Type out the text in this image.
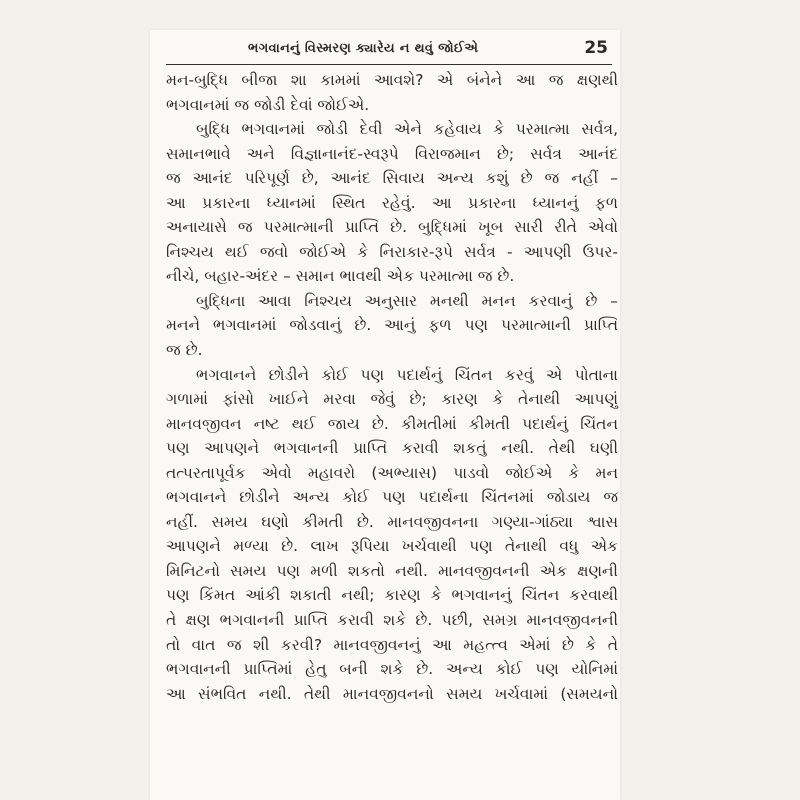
ભગવાનનું વિસ્મરણ ક્યારેય ન થવું જોઈએ	25
મન-બુદ્ધિ બીજા શા કામમાં આવશે? એ બંનેને આ જ ક્ષણથી
ભગવાનમાં જ જોડી દેવાં જોઈએ.
બુદ્ધિ ભગવાનમાં જોડી દેવી એને કહેવાય કે પરમાત્મા સર્વત્ર,
સમાનભાવે અને વિજ્ઞાનાનંદ-સ્વરૂપે વિરાજમાન છે; સર્વત્ર આનંદ
જ આનંદ પરિપૂર્ણ છે, આનંદ સિવાય અન્ય કશું છે જ નહીં –
આ પ્રકારના ધ્યાનમાં સ્થિત રહેવું. આ પ્રકારના ધ્યાનનું ફળ
અનાયાસે જ પરમાત્માની પ્રાપ્તિ છે. બુદ્ધિમાં ખૂબ સારી રીતે એવો
નિશ્ચય થઈ જવો જોઈએ કે નિરાકાર-રૂપે સર્વત્ર - આપણી ઉપર-
નીચે, બહાર-અંદર – સમાન ભાવથી એક પરમાત્મા જ છે.
બુદ્ધિના આવા નિશ્ચય અનુસાર મનથી મનન કરવાનું છે –
મનને ભગવાનમાં જોડવાનું છે. આનું ફળ પણ પરમાત્માની પ્રાપ્તિ
જ છે.
ભગવાનને છોડીને કોઈ પણ પદાર્થનું ચિંતન કરવું એ પોતાના
ગળામાં ફાંસો ખાઈને મરવા જેવું છે; કારણ કે તેનાથી આપણું
માનવજીવન નષ્ટ થઈ જાય છે. કીમતીમાં કીમતી પદાર્થનું ચિંતન
પણ આપણને ભગવાનની પ્રાપ્તિ કરાવી શકતું નથી. તેથી ઘણી
તત્પરતાપૂર્વક એવો મહાવરો (અભ્યાસ) પાડવો જોઈએ કે મન
ભગવાનને છોડીને અન્ય કોઈ પણ પદાર્થના ચિંતનમાં જોડાય જ
નહીં. સમય ઘણો કીમતી છે. માનવજીવનના ગણ્યા-ગાંઠ્યા શ્વાસ
આપણને મળ્યા છે. લાખ રૂપિયા ખર્ચવાથી પણ તેનાથી વધુ એક
મિનિટનો સમય પણ મળી શકતો નથી. માનવજીવનની એક ક્ષણની
પણ કિંમત આંકી શકાતી નથી; કારણ કે ભગવાનનું ચિંતન કરવાથી
તે ક્ષણ ભગવાનની પ્રાપ્તિ કરાવી શકે છે. પછી, સમગ્ર માનવજીવનની
તો વાત જ શી કરવી? માનવજીવનનું આ મહત્ત્વ એમાં છે કે તે
ભગવાનની પ્રાપ્તિમાં હેતુ બની શકે છે. અન્ય કોઈ પણ યોનિમાં
આ સંભવિત નથી. તેથી માનવજીવનનો સમય ખર્ચવામાં (સમયનો
